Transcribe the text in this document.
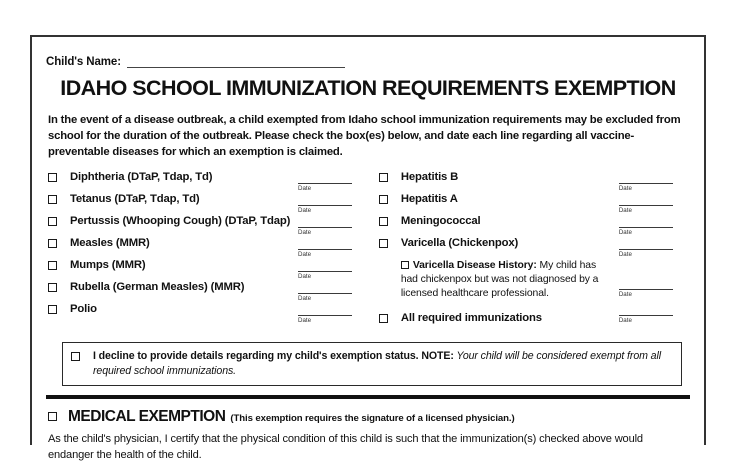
Child's Name:
IDAHO SCHOOL IMMUNIZATION REQUIREMENTS EXEMPTION
In the event of a disease outbreak, a child exempted from Idaho school immunization requirements may be excluded from school for the duration of the outbreak. Please check the box(es) below, and date each line regarding all vaccine-preventable diseases for which an exemption is claimed.
Diphtheria (DTaP, Tdap, Td)
Tetanus (DTaP, Tdap, Td)
Pertussis (Whooping Cough) (DTaP, Tdap)
Measles (MMR)
Mumps (MMR)
Rubella (German Measles) (MMR)
Polio
Date
Date
Date
Date
Date
Date
Date
Hepatitis B
Hepatitis A
Meningococcal
Varicella (Chickenpox)
Varicella Disease History: My child has had chickenpox but was not diagnosed by a licensed healthcare professional.
All required immunizations
Date
Date
Date
Date
Date
Date
I decline to provide details regarding my child's exemption status. NOTE: Your child will be considered exempt from all required school immunizations.
MEDICAL EXEMPTION (This exemption requires the signature of a licensed physician.)
As the child's physician, I certify that the physical condition of this child is such that the immunization(s) checked above would endanger the health of the child.
